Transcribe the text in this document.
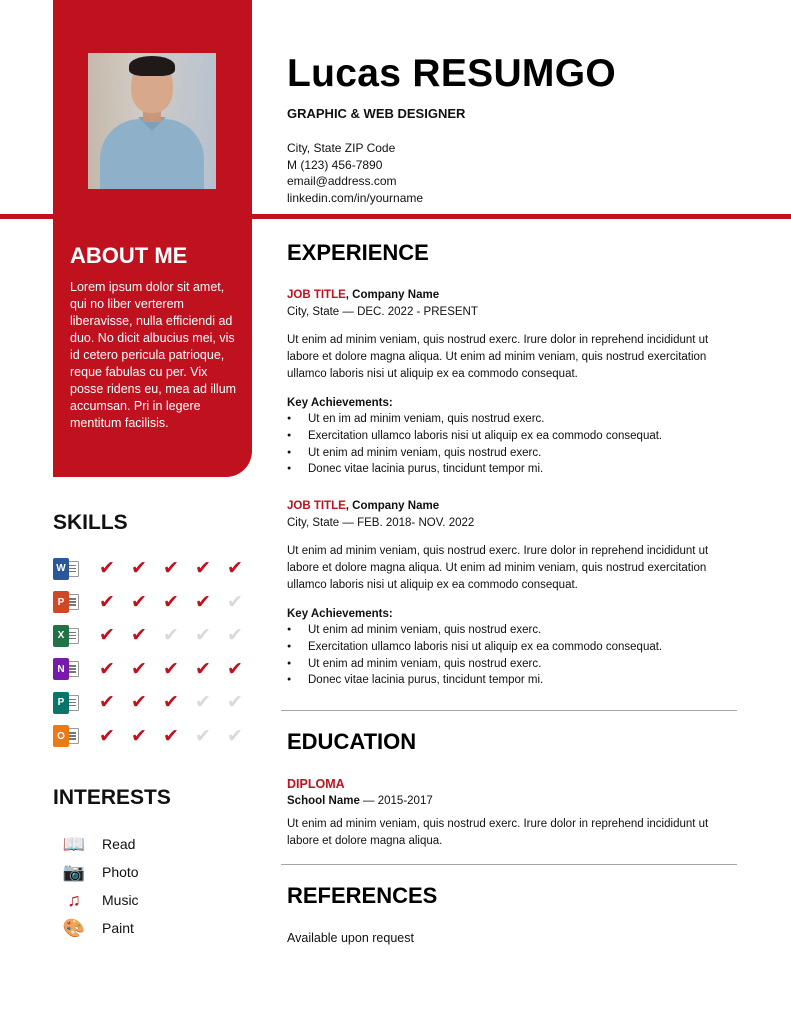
Lucas RESUMGO
GRAPHIC & WEB DESIGNER
City, State ZIP Code
M (123) 456-7890
email@address.com
linkedin.com/in/yourname
ABOUT ME
Lorem ipsum dolor sit amet, qui no liber verterem liberavisse, nulla efficiendi ad duo. No dicit albucius mei, vis id cetero pericula patrioque, reque fabulas cu per. Vix posse ridens eu, mea ad illum accumsan. Pri in legere mentitum facilisis.
SKILLS
W ✔ ✔ ✔ ✔ ✔
P ✔ ✔ ✔ ✔ ✔
X ✔ ✔ ✔ ✔ ✔
N ✔ ✔ ✔ ✔ ✔
P ✔ ✔ ✔ ✔ ✔
O ✔ ✔ ✔ ✔ ✔
INTERESTS
📖 Read
📷 Photo
♫	Music
🎨 Paint
EXPERIENCE

JOB TITLE, Company Name

City, State — DEC. 2022 - PRESENT

Ut enim ad minim veniam, quis nostrud exerc. Irure dolor in reprehend incididunt ut labore et dolore magna aliqua. Ut enim ad minim veniam, quis nostrud exercitation ullamco laboris nisi ut aliquip ex ea commodo consequat.

Key Achievements:

● Ut en im ad minim veniam, quis nostrud exerc.
● Exercitation ullamco laboris nisi ut aliquip ex ea commodo consequat.
● Ut enim ad minim veniam, quis nostrud exerc.
● Donec vitae lacinia purus, tincidunt tempor mi.

JOB TITLE, Company Name

City, State — FEB. 2018- NOV. 2022

Ut enim ad minim veniam, quis nostrud exerc. Irure dolor in reprehend incididunt ut labore et dolore magna aliqua. Ut enim ad minim veniam, quis nostrud exercitation ullamco laboris nisi ut aliquip ex ea commodo consequat.

Key Achievements:

● Ut enim ad minim veniam, quis nostrud exerc.
● Exercitation ullamco laboris nisi ut aliquip ex ea commodo consequat.
● Ut enim ad minim veniam, quis nostrud exerc.
● Donec vitae lacinia purus, tincidunt tempor mi.
EDUCATION

DIPLOMA

School Name — 2015-2017

Ut enim ad minim veniam, quis nostrud exerc. Irure dolor in reprehend incididunt ut labore et dolore magna aliqua.

REFERENCES
Available upon request
